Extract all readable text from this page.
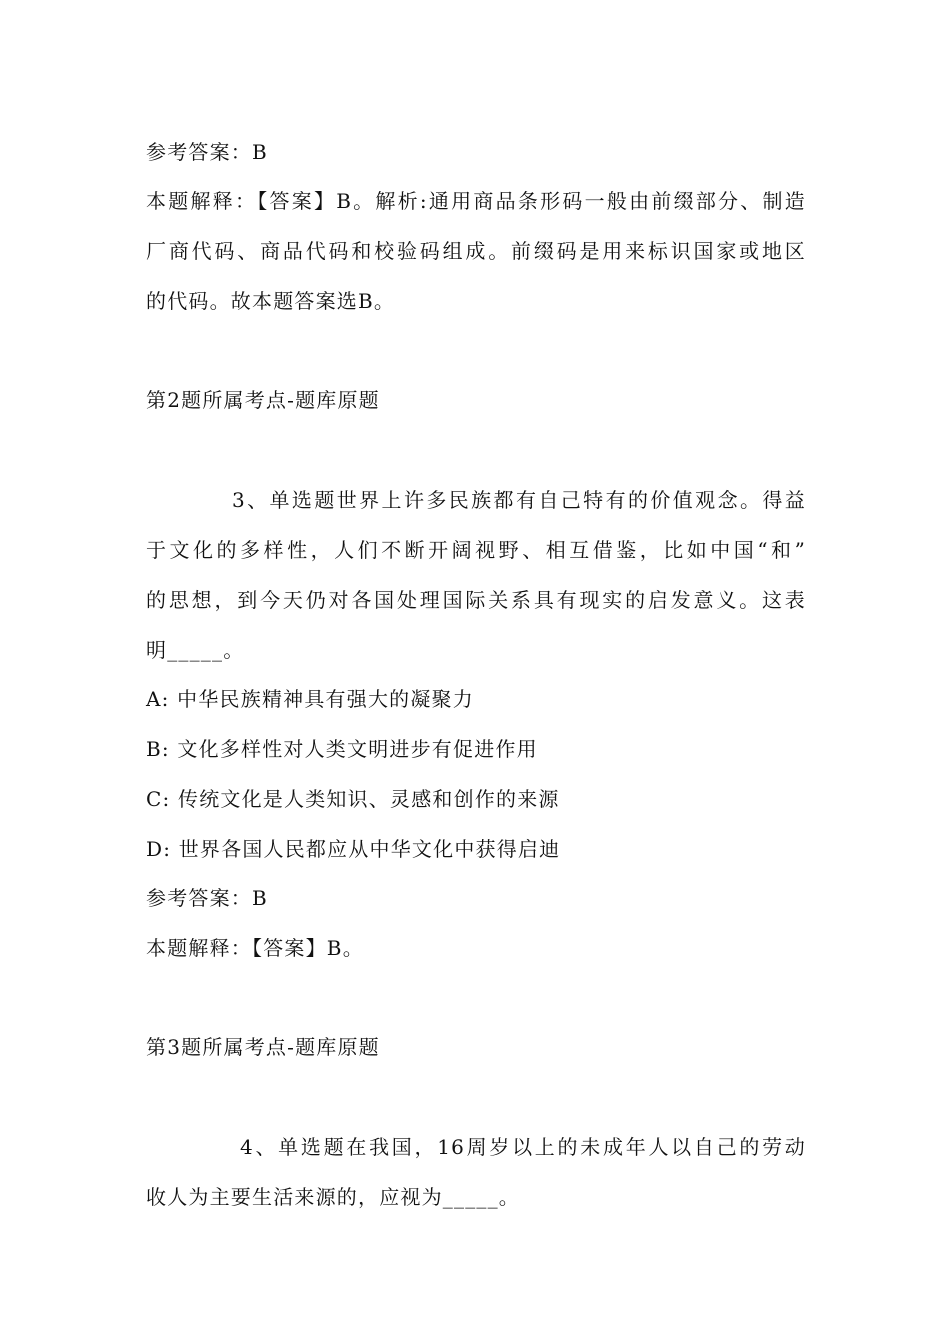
参考答案：B
本题解释：【答案】B。解析:通用商品条形码一般由前缀部分、制造
厂商代码、商品代码和校验码组成。前缀码是用来标识国家或地区
的代码。故本题答案选B。
第2题所属考点-题库原题
3、单选题世界上许多民族都有自己特有的价值观念。得益
于文化的多样性，人们不断开阔视野、相互借鉴，比如中国“和”
的思想，到今天仍对各国处理国际关系具有现实的启发意义。这表
明_____。
A: 中华民族精神具有强大的凝聚力
B: 文化多样性对人类文明进步有促进作用
C: 传统文化是人类知识、灵感和创作的来源
D: 世界各国人民都应从中华文化中获得启迪
参考答案：B
本题解释：【答案】B。
第3题所属考点-题库原题
4、单选题在我国，16周岁以上的未成年人以自己的劳动
收人为主要生活来源的，应视为_____。
